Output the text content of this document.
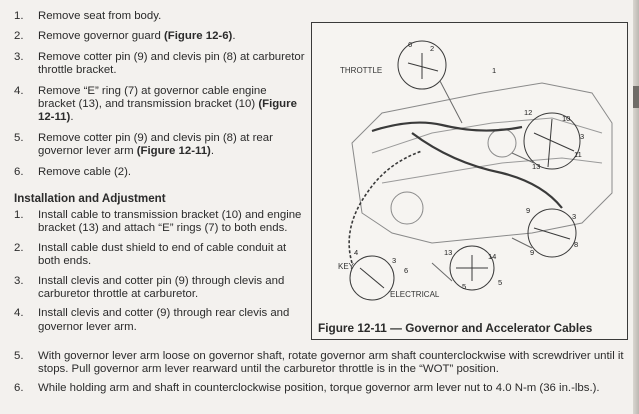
1. Remove seat from body.
2. Remove governor guard (Figure 12-6).
3. Remove cotter pin (9) and clevis pin (8) at carburetor throttle bracket.
4. Remove “E” ring (7) at governor cable engine bracket (13), and transmission bracket (10) (Figure 12-11).
5. Remove cotter pin (9) and clevis pin (8) at rear governor lever arm (Figure 12-11).
6. Remove cable (2).
Installation and Adjustment
1. Install cable to transmission bracket (10) and engine bracket (13) and attach “E” rings (7) to both ends.
2. Install cable dust shield to end of cable conduit at both ends.
3. Install clevis and cotter pin (9) through clevis and carburetor throttle at carburetor.
4. Install clevis and cotter (9) through rear clevis and governor lever arm.
THROTTLE
KEY
ELECTRICAL
6 2
1
12
10
3
11
13
9
3
8
9
13	14
5
6
4
3
5
Figure 12-11 — Governor and Accelerator Cables
5. With governor lever arm loose on governor shaft, rotate governor arm shaft counterclockwise with screwdriver until it stops. Pull governor arm lever rearward until the carburetor throttle is in the “WOT” position.
6. While holding arm and shaft in counterclockwise position, torque governor arm lever nut to 4.0 N-m (36 in.-lbs.).
